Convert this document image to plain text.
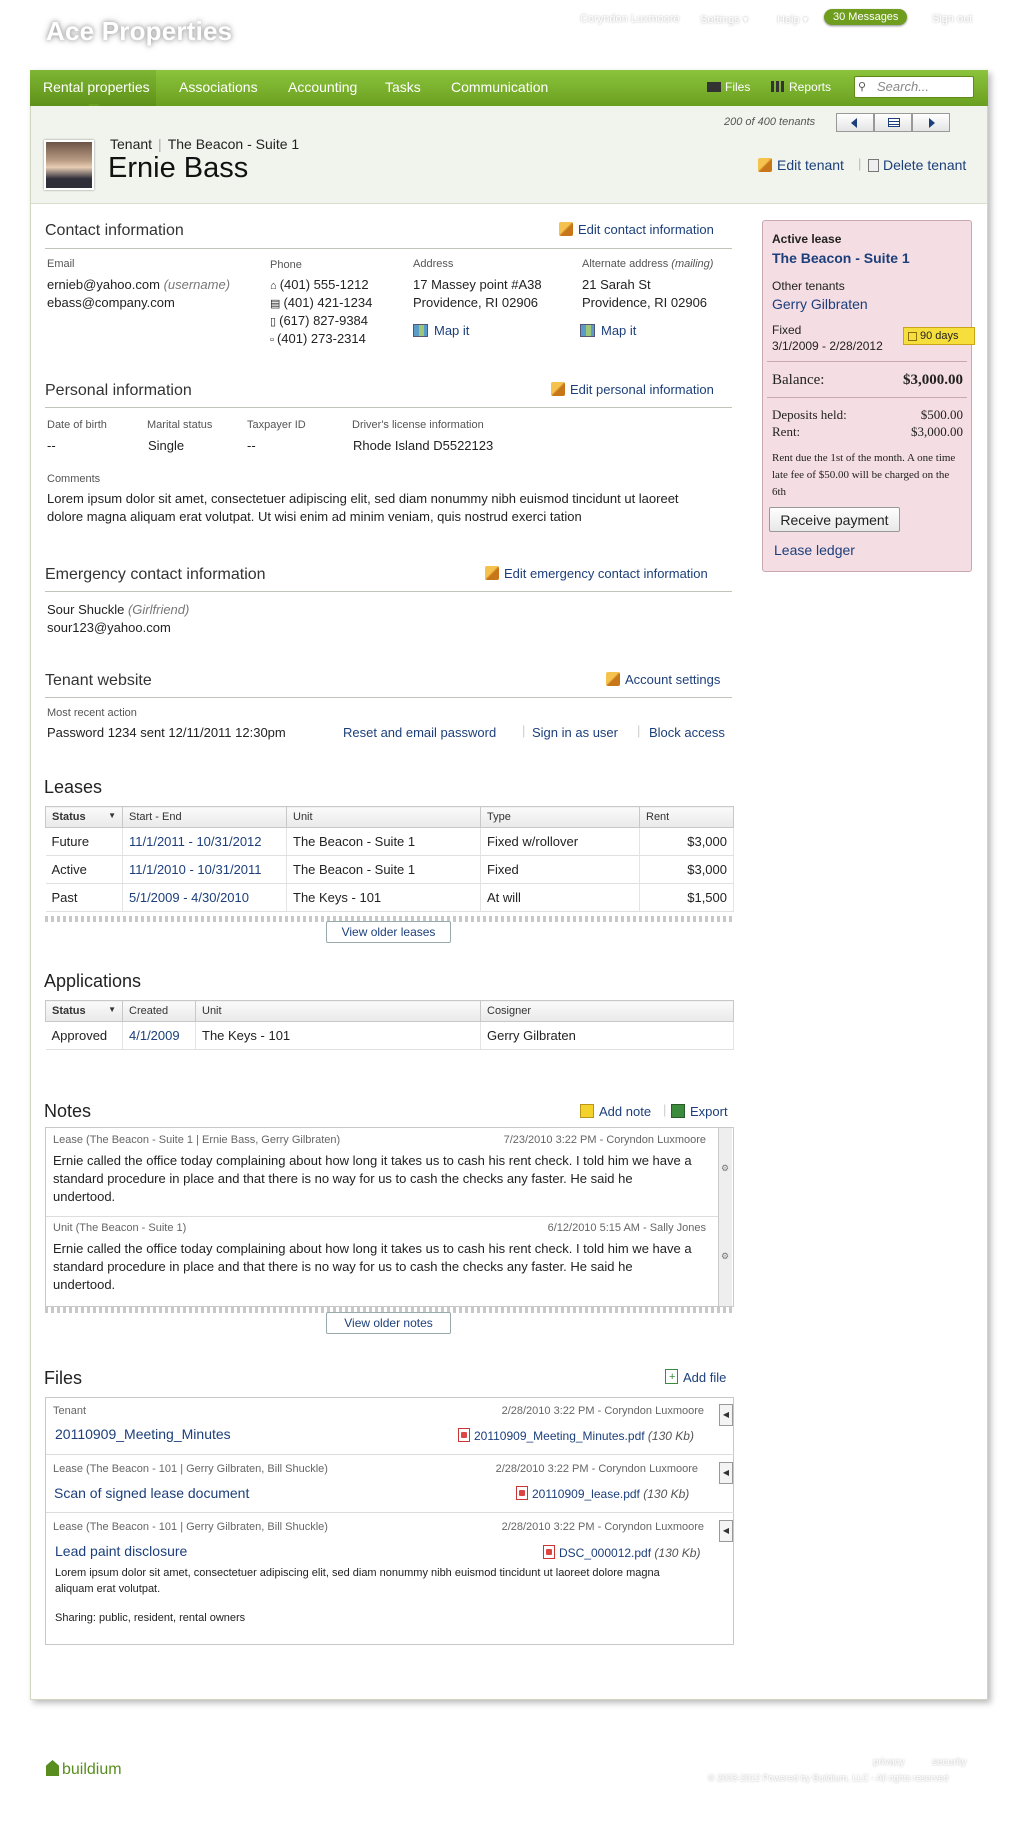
Ace Properties	Coryndon Luxmoore Settings ▾	Help ▾	30 Messages	Sign out
Rental properties Associations Accounting Tasks Communication	Files	Reports	Search...
⚲
200 of 400 tenants
Tenant | The Beacon - Suite 1
Ernie Bass	Edit tenant |	Delete tenant
Contact information	Edit contact information
Email
ernieb@yahoo.com (username)
ebass@company.com
Phone
⌂ (401) 555-1212
▤ (401) 421-1234
▯ (617) 827-9384
▫ (401) 273-2314
Address
17 Massey point #A38
Providence, RI 02906
Map it
Alternate address (mailing)
21 Sarah St
Providence, RI 02906
Map it
Personal information	Edit personal information
Date of birth
--
Marital status
Single
Taxpayer ID
--
Driver's license information
Rhode Island D5522123
Comments
Lorem ipsum dolor sit amet, consectetuer adipiscing elit, sed diam nonummy nibh euismod tincidunt ut laoreet dolore magna aliquam erat volutpat. Ut wisi enim ad minim veniam, quis nostrud exerci tation
Emergency contact information	Edit emergency contact information
Sour Shuckle (Girlfriend)
sour123@yahoo.com
Tenant website	Account settings
Most recent action
Password 1234 sent 12/11/2011 12:30pm	Reset and email password | Sign in as user | Block access
Leases
Status ▼	Start - End	Unit	Type	Rent
Future	11/1/2011 - 10/31/2012	The Beacon - Suite 1	Fixed w/rollover	$3,000
Active	11/1/2010 - 10/31/2011	The Beacon - Suite 1	Fixed	$3,000
Past	5/1/2009 - 4/30/2010	The Keys - 101	At will	$1,500
View older leases
Applications
Status ▼	Created	Unit	Cosigner
Approved	4/1/2009	The Keys - 101	Gerry Gilbraten
Notes	Add note |	Export
⚙
⚙
Lease (The Beacon - Suite 1 | Ernie Bass, Gerry Gilbraten)	7/23/2010 3:22 PM - Coryndon Luxmoore
Ernie called the office today complaining about how long it takes us to cash his rent check. I told him we have a standard procedure in place and that there is no way for us to cash the checks any faster. He said he undertood.
Unit (The Beacon - Suite 1)	6/12/2010 5:15 AM - Sally Jones
Ernie called the office today complaining about how long it takes us to cash his rent check. I told him we have a standard procedure in place and that there is no way for us to cash the checks any faster. He said he undertood.
View older notes
Files	+ Add file
Tenant	2/28/2010 3:22 PM - Coryndon Luxmoore
20110909_Meeting_Minutes	20110909_Meeting_Minutes.pdf (130 Kb)
◀
Lease (The Beacon - 101 | Gerry Gilbraten, Bill Shuckle)	2/28/2010 3:22 PM - Coryndon Luxmoore
Scan of signed lease document	20110909_lease.pdf (130 Kb)
◀
Lease (The Beacon - 101 | Gerry Gilbraten, Bill Shuckle)	2/28/2010 3:22 PM - Coryndon Luxmoore
Lead paint disclosure	DSC_000012.pdf (130 Kb)
◀
Lorem ipsum dolor sit amet, consectetuer adipiscing elit, sed diam nonummy nibh euismod tincidunt ut laoreet dolore magna aliquam erat volutpat.
Sharing: public, resident, rental owners
Active lease
The Beacon - Suite 1
Other tenants
Gerry Gilbraten
Fixed
3/1/2009 - 2/28/2012
90 days
Balance:	$3,000.00
Deposits held:	$500.00
Rent:	$3,000.00
Rent due the 1st of the month. A one time late fee of $50.00 will be charged on the 6th
Receive payment
Lease ledger
buildium	privacy	security
© 2003-2012 Powered by Buildium, LLC - All rights reserved
